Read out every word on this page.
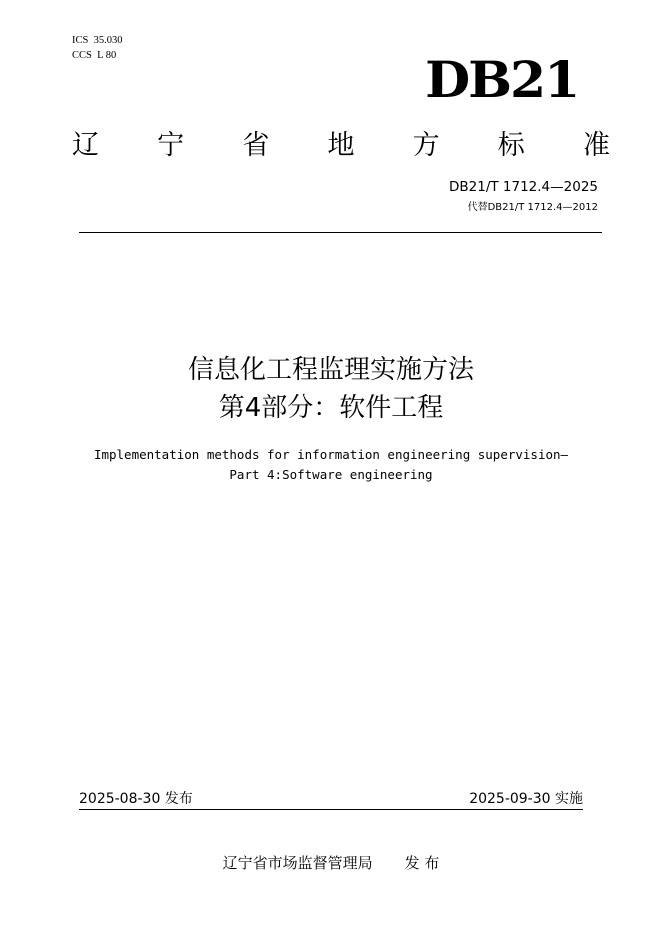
ICS  35.030
CCS  L 80	DB21
辽 宁 省 地 方 标 准
DB21/T 1712.4—2025
代替DB21/T 1712.4—2012
信息化工程监理实施方法
第4部分：软件工程
Implementation methods for information engineering supervision—
Part 4:Software engineering
2025-08-30 发布	2025-09-30 实施
辽宁省市场监督管理局 发 布
